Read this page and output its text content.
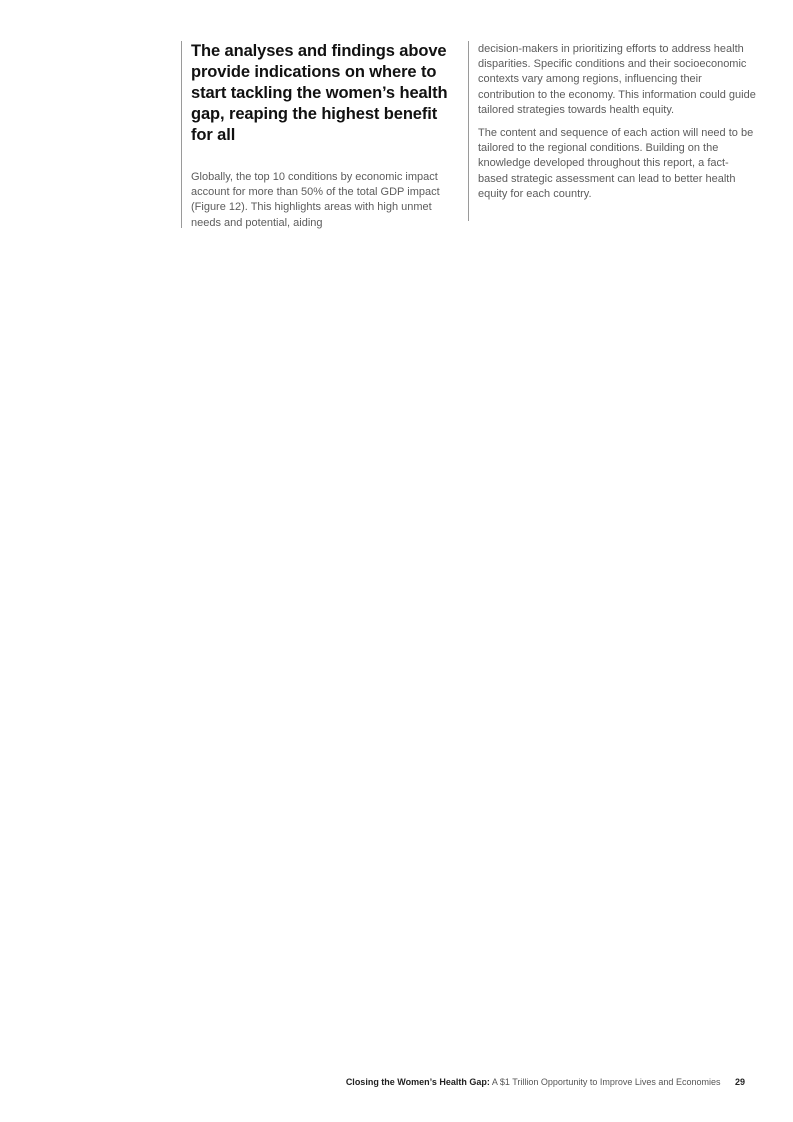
The analyses and findings above provide indications on where to start tackling the women’s health gap, reaping the highest benefit for all

Globally, the top 10 conditions by economic impact account for more than 50% of the total GDP impact (Figure 12). This highlights areas with high unmet needs and potential, aiding

decision-makers in prioritizing efforts to address health disparities. Specific conditions and their socioeconomic contexts vary among regions, influencing their contribution to the economy. This information could guide tailored strategies towards health equity.

The content and sequence of each action will need to be tailored to the regional conditions. Building on the knowledge developed throughout this report, a fact-based strategic assessment can lead to better health equity for each country.

Closing the Women’s Health Gap: A $1 Trillion Opportunity to Improve Lives and Economies 29
